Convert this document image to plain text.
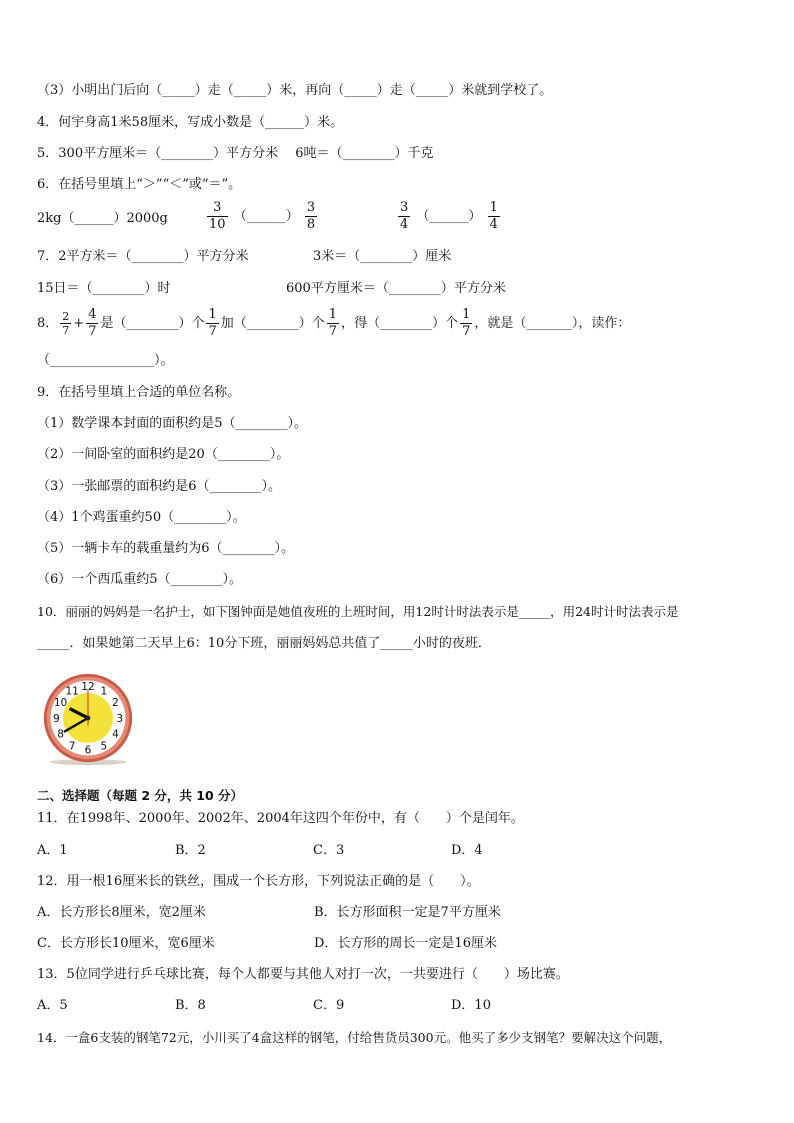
（3）小明出门后向（_____）走（_____）米，再向（_____）走（_____）米就到学校了。
4．何宇身高1米58厘米，写成小数是（______）米。
5．300平方厘米＝（________）平方分米　 6吨＝（________）千克
6．在括号里填上“＞”“＜”或“＝”。
2kg（______）2000g	$\frac{3}{10}$ （______） $\frac{3}{8}$	$\frac{3}{4}$ （______） $\frac{1}{4}$
7．2平方米＝（________）平方分米	3米＝（________）厘米
15日＝（________）时	600平方厘米＝（________）平方分米
8． $\frac{2}{7} + \frac{4}{7}$ 是（________）个 $\frac{1}{7}$ 加（________）个 $\frac{1}{7}$ ，得（________）个 $\frac{1}{7}$ ，就是（_______），读作：
（________________）。
9．在括号里填上合适的单位名称。
（1）数学课本封面的面积约是5（________）。
（2）一间卧室的面积约是20（________）。
（3）一张邮票的面积约是6（________）。
（4）1个鸡蛋重约50（________）。
（5）一辆卡车的载重量约为6（________）。
（6）一个西瓜重约5（________）。
10．丽丽的妈妈是一名护士，如下图钟面是她值夜班的上班时间，用12时计时法表示是_____，用24时计时法表示是
_____．如果她第二天早上6：10分下班，丽丽妈妈总共值了_____小时的夜班．
12 1
2
3
4
5
6
7
8
9
10
11
二、选择题（每题 2 分，共 10 分）
11．在1998年、2000年、2002年、2004年这四个年份中，有（　　）个是闰年。
A．1	B．2	C．3	D．4
12．用一根16厘米长的铁丝，围成一个长方形，下列说法正确的是（　　）。
A．长方形长8厘米，宽2厘米	B．长方形面积一定是7平方厘米
C．长方形长10厘米，宽6厘米	D．长方形的周长一定是16厘米
13．5位同学进行乒乓球比赛，每个人都要与其他人对打一次，一共要进行（　　）场比赛。
A．5	B．8	C．9	D．10
14．一盒6支装的钢笔72元，小川买了4盒这样的钢笔，付给售货员300元。他买了多少支钢笔？要解决这个问题，
